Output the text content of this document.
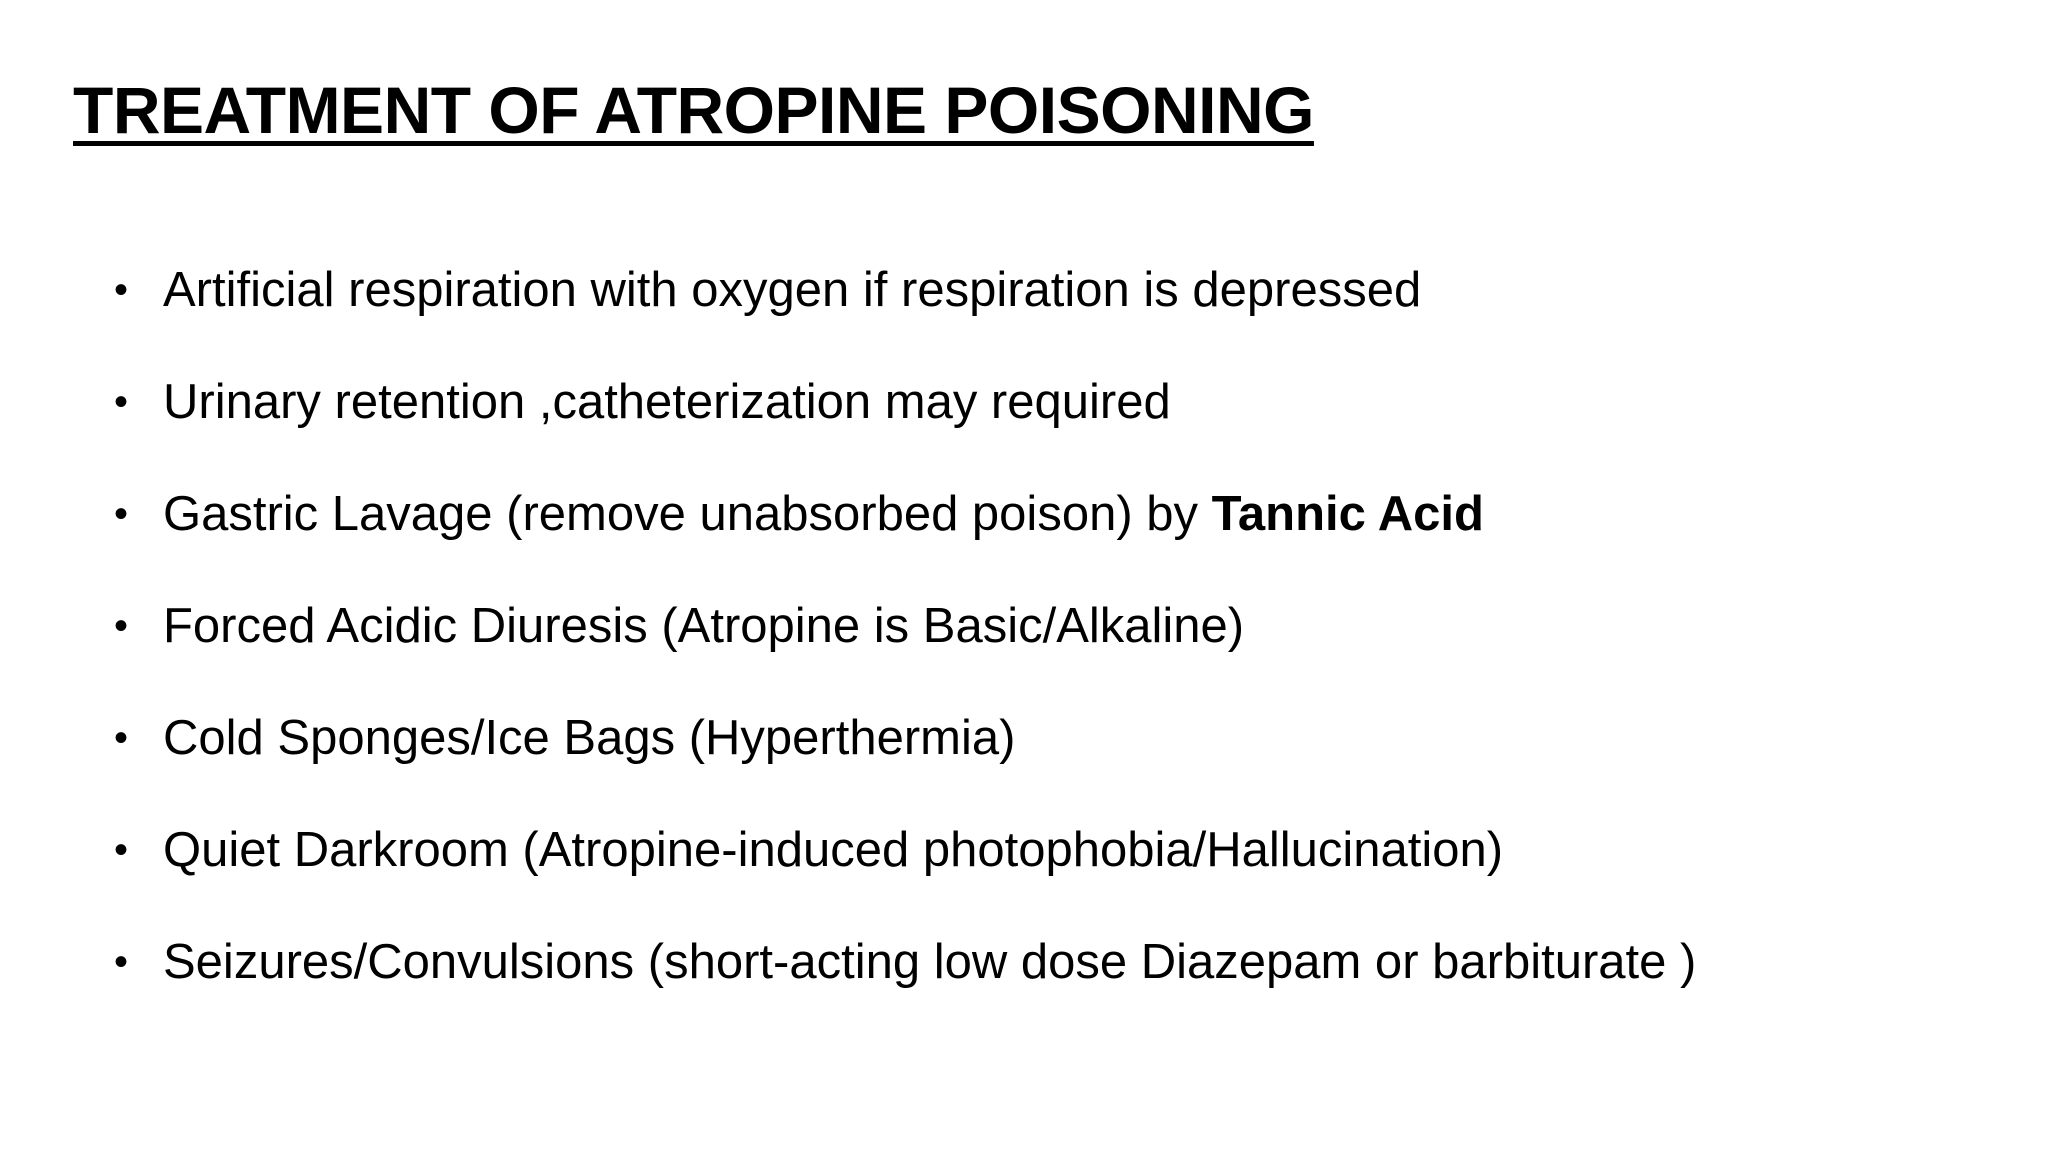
TREATMENT OF ATROPINE POISONING
• Artificial respiration with oxygen if respiration is depressed
• Urinary retention ,catheterization may required
• Gastric Lavage (remove unabsorbed poison) by Tannic Acid
• Forced Acidic Diuresis (Atropine is Basic/Alkaline)
• Cold Sponges/Ice Bags (Hyperthermia)
• Quiet Darkroom (Atropine-induced photophobia/Hallucination)
• Seizures/Convulsions (short-acting low dose Diazepam or barbiturate )
